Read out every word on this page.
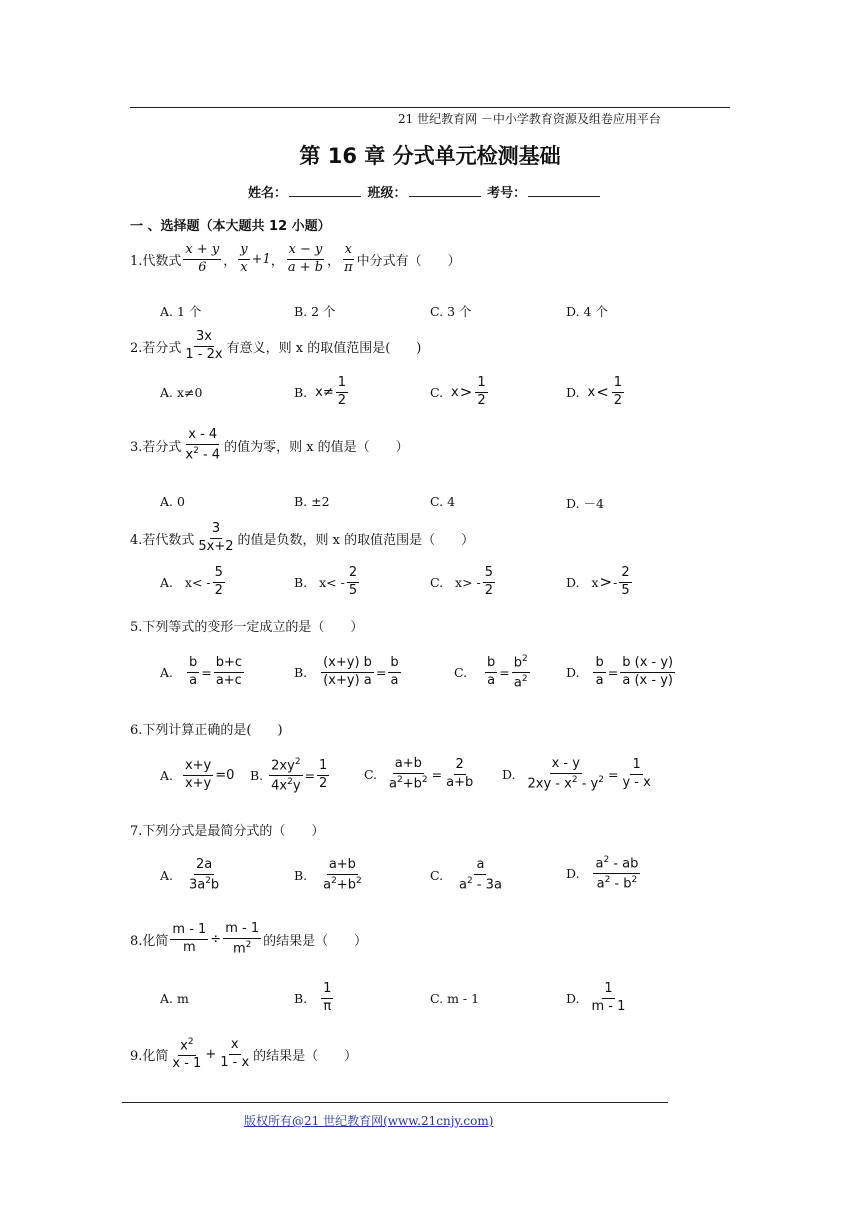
21 世纪教育网 －中小学教育资源及组卷应用平台
第 16 章 分式单元检测基础
姓名：	班级：	考号：
一 、选择题（本大题共 12 小题）
1.代数式 $\frac{x + y}{6}$ ， $\frac{y}{x} +1$ ， $\frac{x - y}{a + b}$ ， $\frac{x}{\pi}$ 中分式有（　　）
A. 1 个	B. 2 个	C. 3 个	D. 4 个
2.若分式 $\frac{3x}{1 - 2x}$ 有意义，则 x 的取值范围是(　　)
A. x≠0	B.
$x\ne \frac{1}{2}$	C.
$x > \frac{1}{2}$	D.
$x < \frac{1}{2}$
3.若分式 $\frac{x - 4}{x^2 - 4}$ 的值为零，则 x 的值是（　　）
A. 0	B. ±2	C. 4	D. －4
4.若代数式 $\frac{3}{5x+2}$ 的值是负数，则 x 的取值范围是（　　）
A. $x< - \frac{5}{2}$	B. $x< - \frac{2}{5}$	C. $x> - \frac{5}{2}$	D. x > - $\frac{2}{5}$
5.下列等式的变形一定成立的是（　　）
A.
$\frac{b}{a} = \frac{b+c}{a+c}$	B.
$\frac{(x+y) b}{(x+y) a} = \frac{b}{a}$	C.
$\frac{b}{a} = \frac{b^2}{a^2}$	D.
$\frac{b}{a} = \frac{b (x - y)}{a (x - y)}$
6.下列计算正确的是(　　)
A.
$\frac{x+y}{x+y} =0$ B.
$\frac{2xy^2}{4x^2y} = \frac{1}{2}$	C.
$\frac{a+b}{a^2+b^2} = \frac{2}{a+b} D$.
$\frac{x - y}{2xy - x^2 - y^2} = \frac{1}{y - x}$
7.下列分式是最简分式的（　　）
A.
$\frac{2a}{3a^2b}$	B.
$\frac{a+b}{a^2+b^2}$	C.
$\frac{a}{a^2 - 3a}$	D.
$\frac{a^2 - ab}{a^2 - b^2}$
8.化简 $\frac{m - 1}{m} \div \frac{m - 1}{m^2}$ 的结果是（　　）
A. m	B.
$\frac{1}{\pi}$	C. m - 1	D.
$\frac{1}{m - 1}$
9.化简 $\frac{x^2}{x - 1} + \frac{x}{1 - x}$ 的结果是（　　）
版权所有@21 世纪教育网(www.21cnjy.com)
